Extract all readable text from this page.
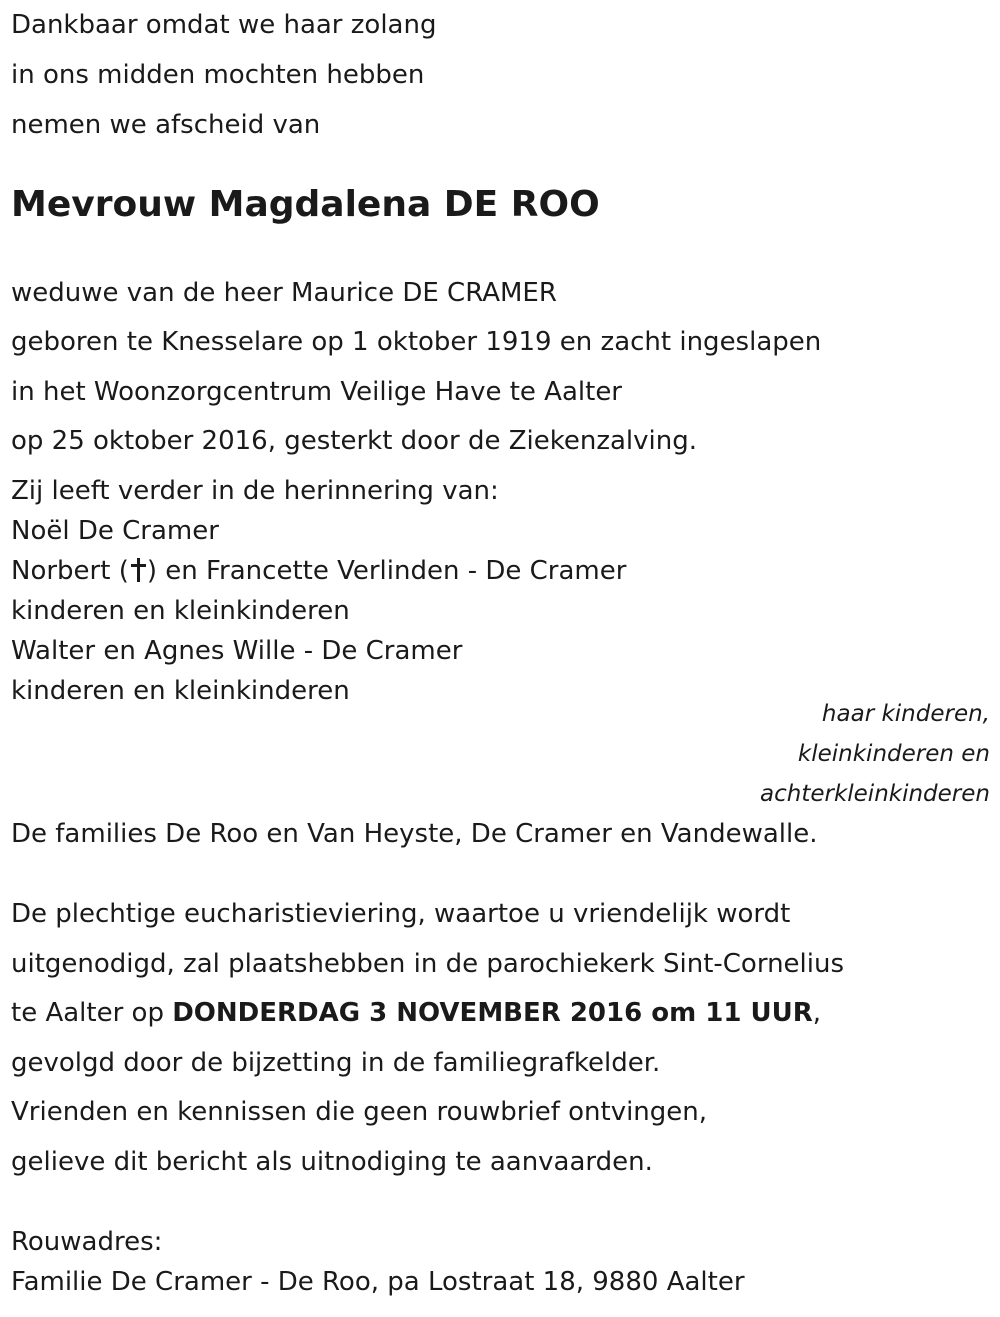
Dankbaar omdat we haar zolang

in ons midden mochten hebben

nemen we afscheid van

Mevrouw Magdalena DE ROO

weduwe van de heer Maurice DE CRAMER

geboren te Knesselare op 1 oktober 1919 en zacht ingeslapen

in het Woonzorgcentrum Veilige Have te Aalter

op 25 oktober 2016, gesterkt door de Ziekenzalving.

Zij leeft verder in de herinnering van:

Noël De Cramer

Norbert ( ) en Francette Verlinden - De Cramer

kinderen en kleinkinderen

Walter en Agnes Wille - De Cramer

kinderen en kleinkinderen

haar kinderen,
kleinkinderen en
achterkleinkinderen

De families De Roo en Van Heyste, De Cramer en Vandewalle.

De plechtige eucharistieviering, waartoe u vriendelijk wordt

uitgenodigd, zal plaatshebben in de parochiekerk Sint-Cornelius

te Aalter op DONDERDAG 3 NOVEMBER 2016 om 11 UUR,

gevolgd door de bijzetting in de familiegrafkelder.

Vrienden en kennissen die geen rouwbrief ontvingen,

gelieve dit bericht als uitnodiging te aanvaarden.

Rouwadres:

Familie De Cramer - De Roo, pa Lostraat 18, 9880 Aalter
